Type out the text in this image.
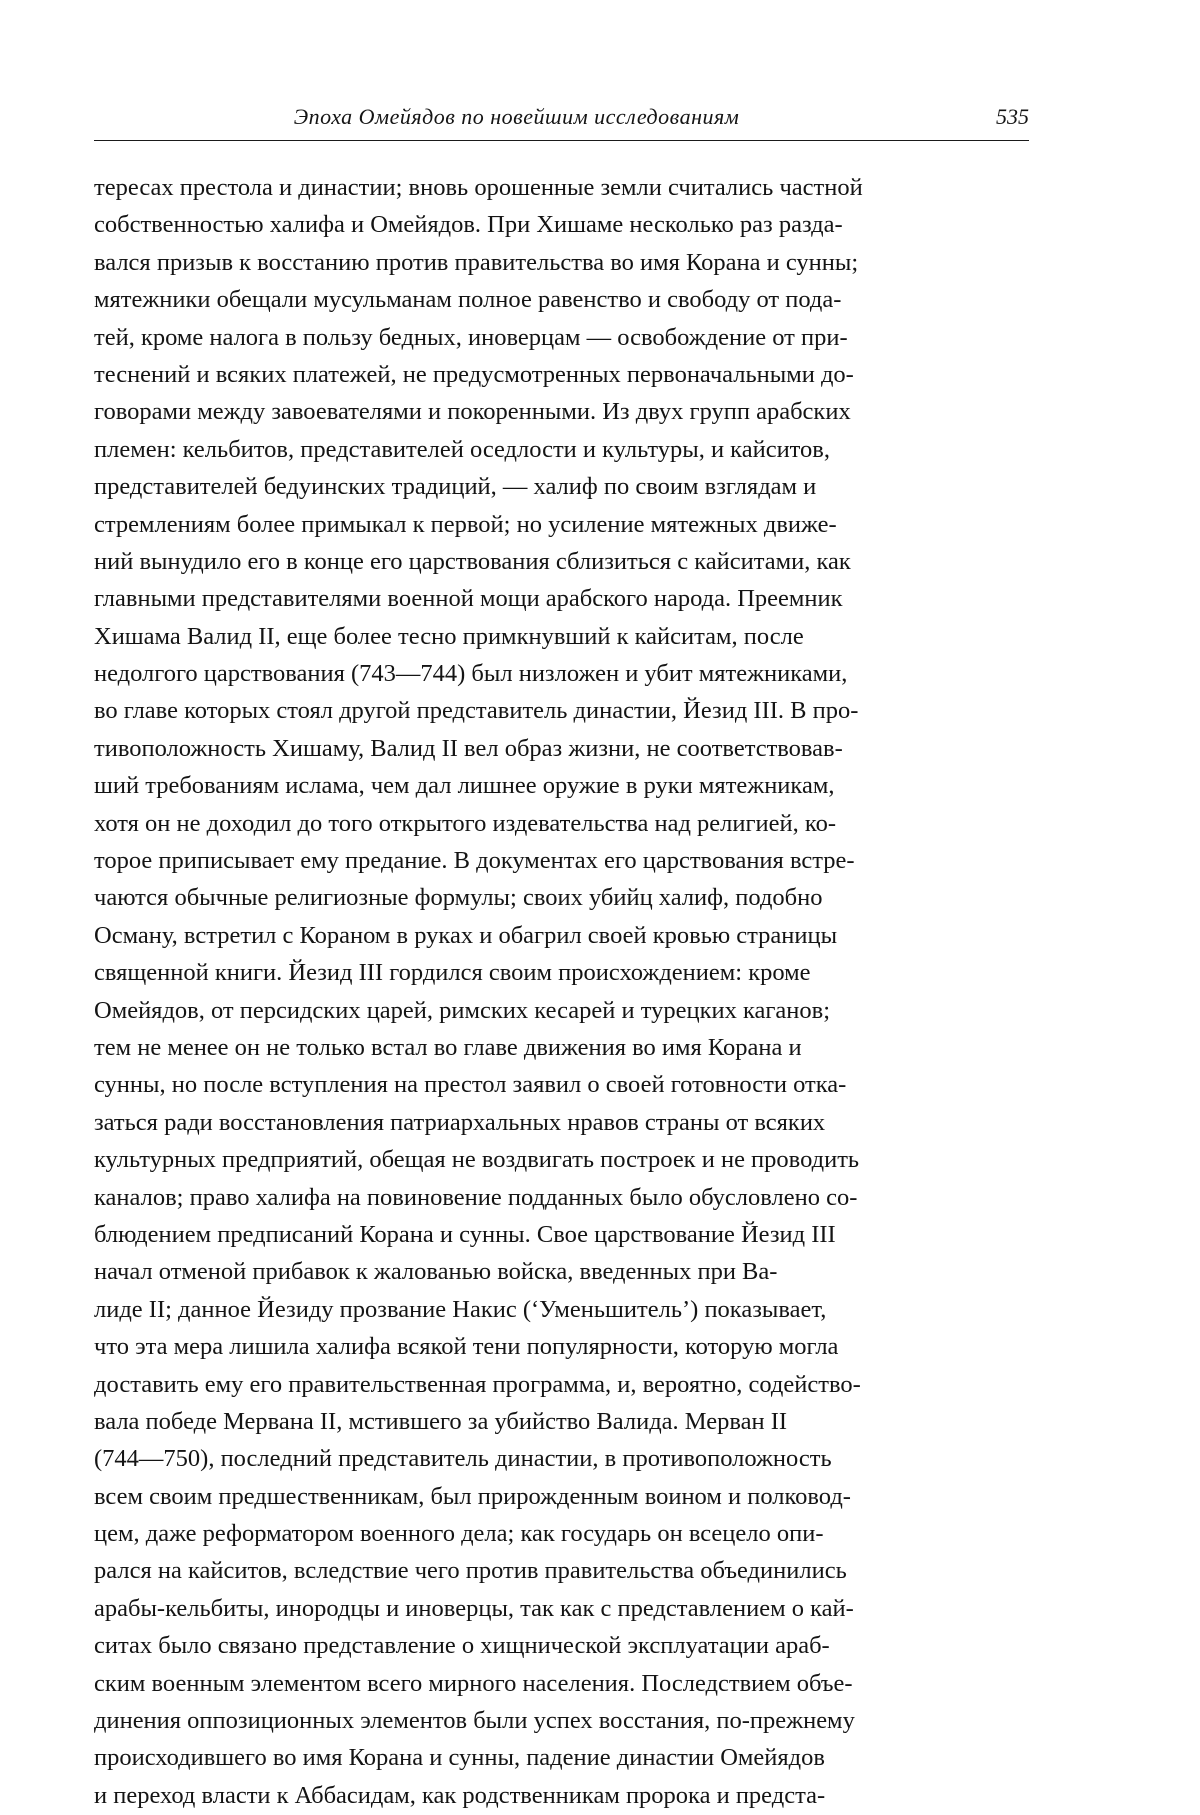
Эпоха Омейядов по новейшим исследованиям	535
тересах престола и династии; вновь орошенные земли считались частной
собственностью халифа и Омейядов. При Хишаме несколько раз разда-
вался призыв к восстанию против правительства во имя Корана и сунны;
мятежники обещали мусульманам полное равенство и свободу от пода-
тей, кроме налога в пользу бедных, иноверцам — освобождение от при-
теснений и всяких платежей, не предусмотренных первоначальными до-
говорами между завоевателями и покоренными. Из двух групп арабских
племен: кельбитов, представителей оседлости и культуры, и кайситов,
представителей бедуинских традиций, — халиф по своим взглядам и
стремлениям более примыкал к первой; но усиление мятежных движе-
ний вынудило его в конце его царствования сблизиться с кайситами, как
главными представителями военной мощи арабского народа. Преемник
Хишама Валид II, еще более тесно примкнувший к кайситам, после
недолгого царствования (743—744) был низложен и убит мятежниками,
во главе которых стоял другой представитель династии, Йезид III. В про-
тивоположность Хишаму, Валид II вел образ жизни, не соответствовав-
ший требованиям ислама, чем дал лишнее оружие в руки мятежникам,
хотя он не доходил до того открытого издевательства над религией, ко-
торое приписывает ему предание. В документах его царствования встре-
чаются обычные религиозные формулы; своих убийц халиф, подобно
Осману, встретил с Кораном в руках и обагрил своей кровью страницы
священной книги. Йезид III гордился своим происхождением: кроме
Омейядов, от персидских царей, римских кесарей и турецких каганов;
тем не менее он не только встал во главе движения во имя Корана и
сунны, но после вступления на престол заявил о своей готовности отка-
заться ради восстановления патриархальных нравов страны от всяких
культурных предприятий, обещая не воздвигать построек и не проводить
каналов; право халифа на повиновение подданных было обусловлено со-
блюдением предписаний Корана и сунны. Свое царствование Йезид III
начал отменой прибавок к жалованью войска, введенных при Ва-
лиде II; данное Йезиду прозвание Накис (‘Уменьшитель’) показывает,
что эта мера лишила халифа всякой тени популярности, которую могла
доставить ему его правительственная программа, и, вероятно, содейство-
вала победе Мервана II, мстившего за убийство Валида. Мерван II
(744—750), последний представитель династии, в противоположность
всем своим предшественникам, был прирожденным воином и полковод-
цем, даже реформатором военного дела; как государь он всецело опи-
рался на кайситов, вследствие чего против правительства объединились
арабы-кельбиты, инородцы и иноверцы, так как с представлением о кай-
ситах было связано представление о хищнической эксплуатации араб-
ским военным элементом всего мирного населения. Последствием объе-
динения оппозиционных элементов были успех восстания, по-прежнему
происходившего во имя Корана и сунны, падение династии Омейядов
и переход власти к Аббасидам, как родственникам пророка и предста-
